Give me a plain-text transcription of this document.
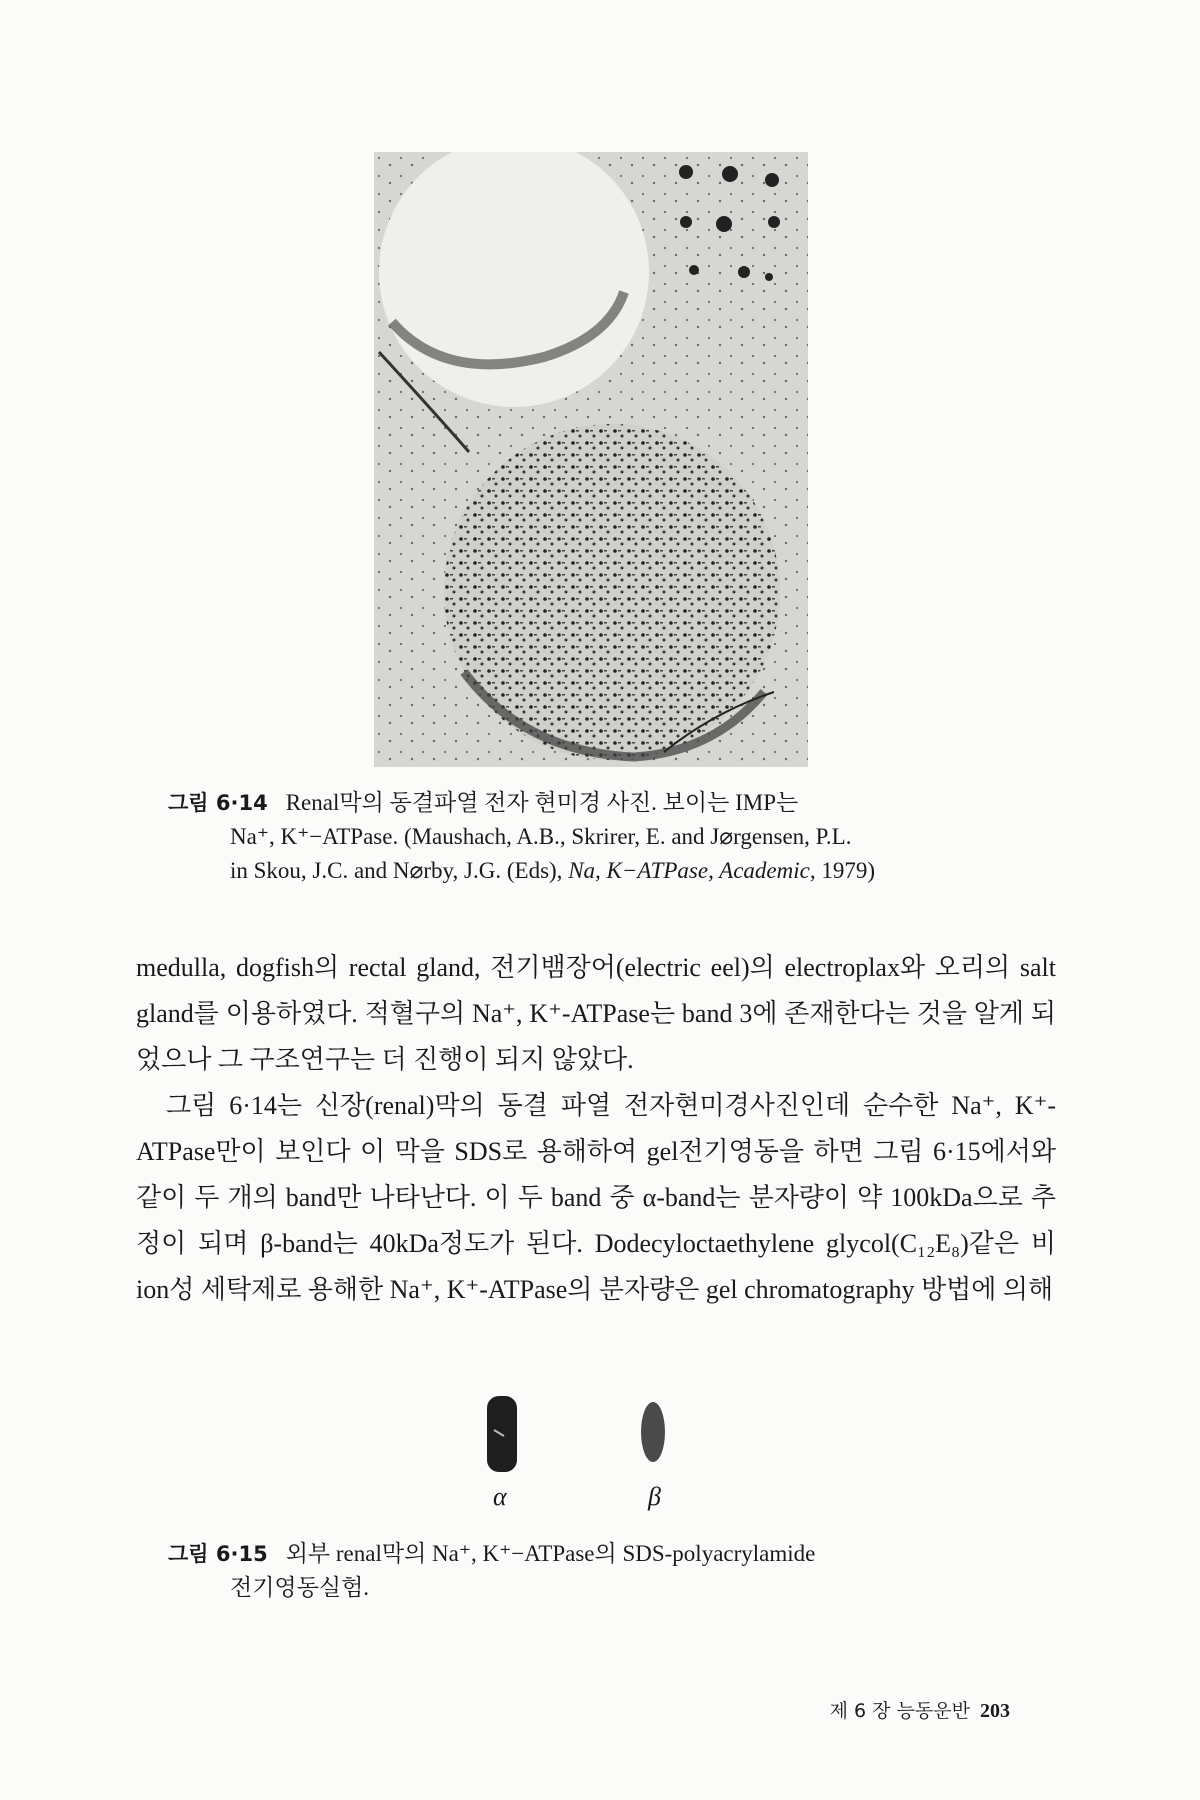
그림 6·14 Renal막의 동결파열 전자 현미경 사진. 보이는 IMP는
Na⁺, K⁺−ATPase. (Maushach, A.B., Skrirer, E. and J⌀rgensen, P.L.
in Skou, J.C. and N⌀rby, J.G. (Eds), Na, K−ATPase, Academic, 1979)

medulla, dogfish의 rectal gland, 전기뱀장어(electric eel)의 electroplax와 오리의 salt gland를 이용하였다. 적혈구의 Na⁺, K⁺-ATPase는 band 3에 존재한다는 것을 알게 되었으나 그 구조연구는 더 진행이 되지 않았다.

그림 6·14는 신장(renal)막의 동결 파열 전자현미경사진인데 순수한 Na⁺, K⁺-ATPase만이 보인다 이 막을 SDS로 용해하여 gel전기영동을 하면 그림 6·15에서와 같이 두 개의 band만 나타난다. 이 두 band 중 α-band는 분자량이 약 100kDa으로 추정이 되며 β-band는 40kDa정도가 된다. Dodecyloctaethylene glycol(C₁₂E₈)같은 비 ion성 세탁제로 용해한 Na⁺, K⁺-ATPase의 분자량은 gel chromatography 방법에 의해

α	β
그림 6·15 외부 renal막의 Na⁺, K⁺−ATPase의 SDS-polyacrylamide
전기영동실험.
제 6 장 능동운반 203
